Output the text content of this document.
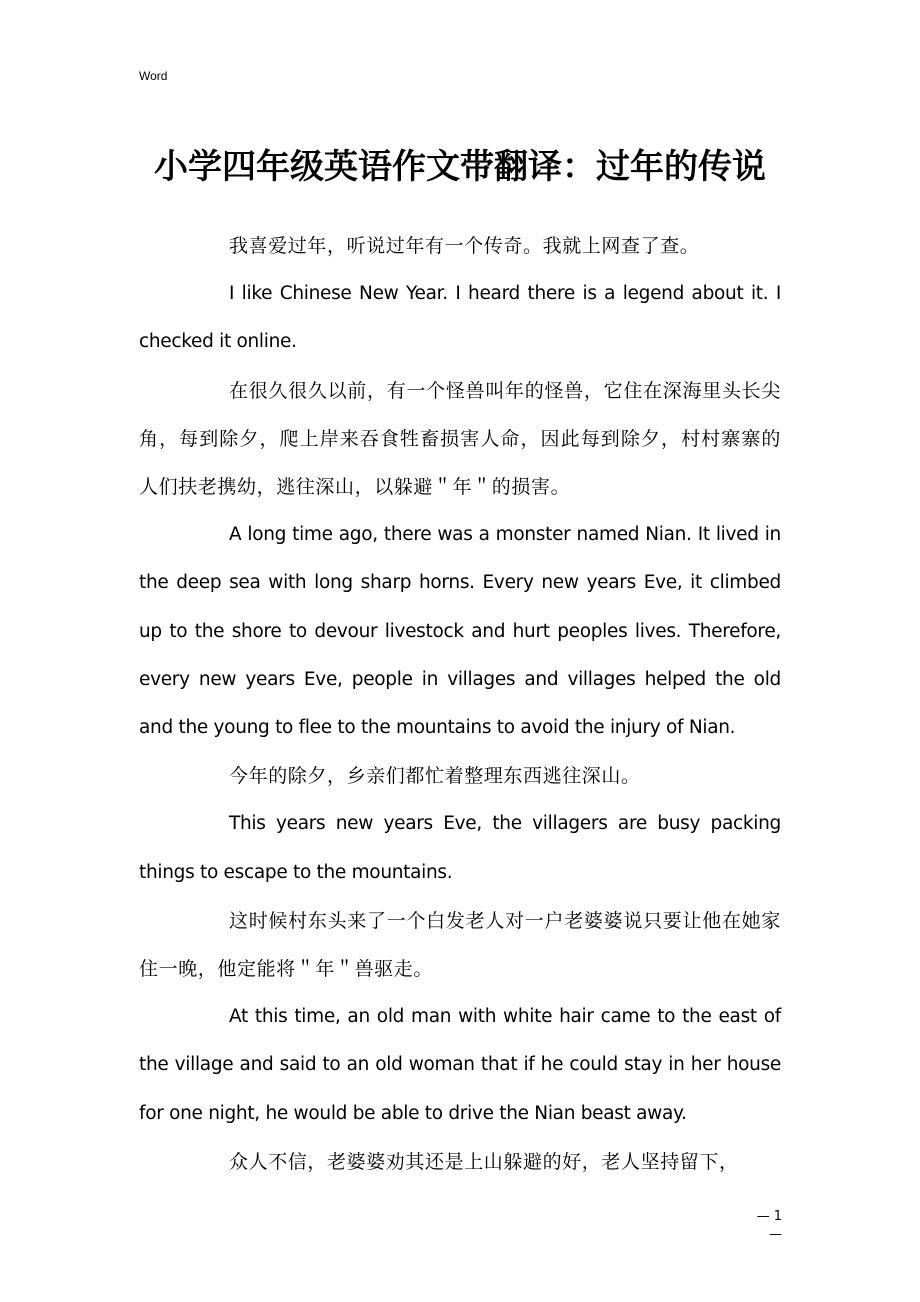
Word
小学四年级英语作文带翻译：过年的传说

我喜爱过年，听说过年有一个传奇。我就上网查了查。

I like Chinese New Year. I heard there is a legend about it. I checked it online.

在很久很久以前，有一个怪兽叫年的怪兽，它住在深海里头长尖角，每到除夕，爬上岸来吞食牲畜损害人命，因此每到除夕，村村寨寨的人们扶老携幼，逃往深山，以躲避＂年＂的损害。

A long time ago, there was a monster named Nian. It lived in the deep sea with long sharp horns. Every new years Eve, it climbed up to the shore to devour livestock and hurt peoples lives. Therefore, every new years Eve, people in villages and villages helped the old and the young to flee to the mountains to avoid the injury of Nian.

今年的除夕，乡亲们都忙着整理东西逃往深山。

This years new years Eve, the villagers are busy packing things to escape to the mountains.

这时候村东头来了一个白发老人对一户老婆婆说只要让他在她家住一晚，他定能将＂年＂兽驱走。

At this time, an old man with white hair came to the east of the village and said to an old woman that if he could stay in her house for one night, he would be able to drive the Nian beast away.

众人不信，老婆婆劝其还是上山躲避的好，老人坚持留下，

— 1 —
